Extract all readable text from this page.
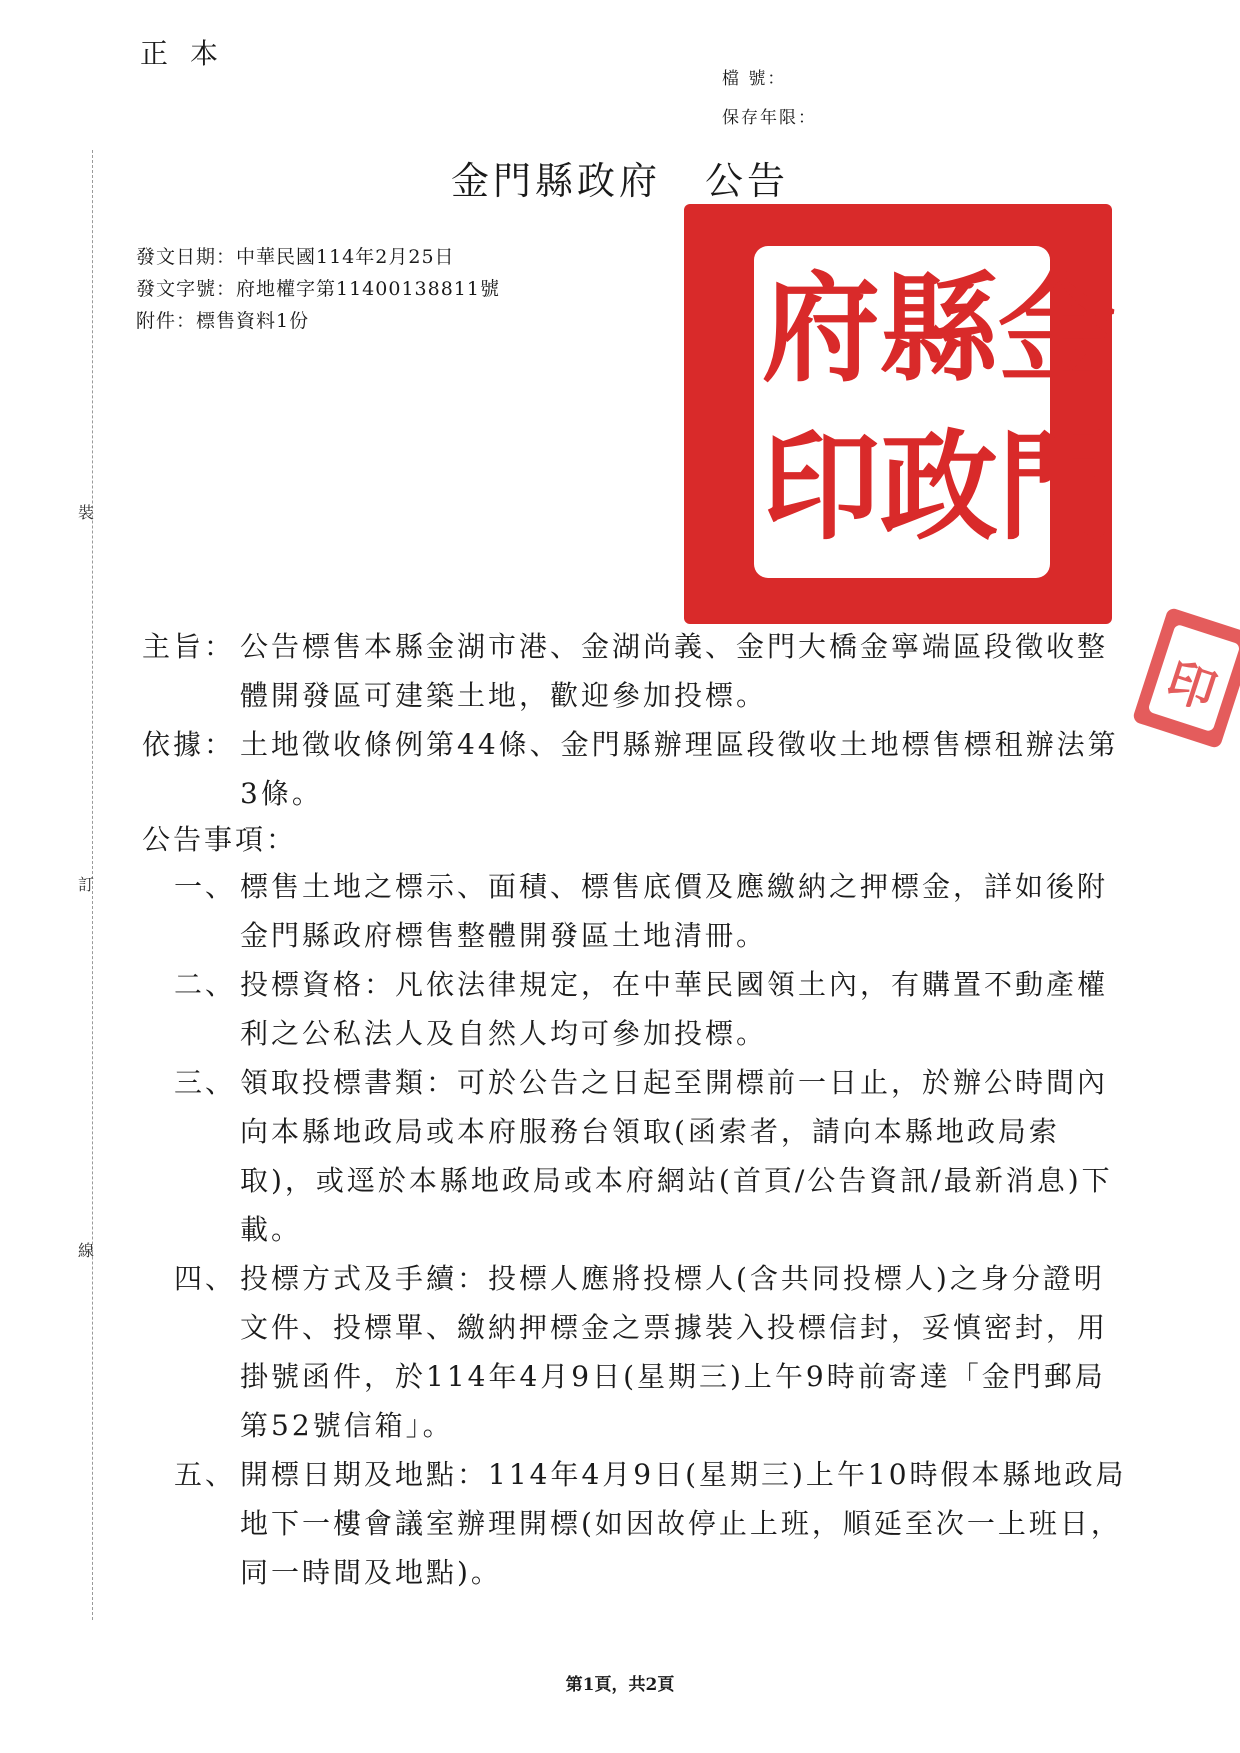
正本
檔 號：
保存年限：
金門縣政府 公告
發文日期：中華民國114年2月25日
發文字號：府地權字第11400138811號
附件：標售資料1份
裝
訂
線
府 縣 金
印 政 門
印
主旨： 公告標售本縣金湖市港、金湖尚義、金門大橋金寧端區段徵收整體開發區可建築土地，歡迎參加投標。
依據： 土地徵收條例第44條、金門縣辦理區段徵收土地標售標租辦法第3條。
公告事項：
一、 標售土地之標示、面積、標售底價及應繳納之押標金，詳如後附金門縣政府標售整體開發區土地清冊。
二、 投標資格：凡依法律規定，在中華民國領土內，有購置不動產權利之公私法人及自然人均可參加投標。
三、 領取投標書類：可於公告之日起至開標前一日止，於辦公時間內向本縣地政局或本府服務台領取(函索者，請向本縣地政局索取)，或逕於本縣地政局或本府網站(首頁/公告資訊/最新消息)下載。
四、 投標方式及手續：投標人應將投標人(含共同投標人)之身分證明文件、投標單、繳納押標金之票據裝入投標信封，妥慎密封，用掛號函件，於114年4月9日(星期三)上午9時前寄達「金門郵局第52號信箱」。
五、 開標日期及地點：114年4月9日(星期三)上午10時假本縣地政局地下一樓會議室辦理開標(如因故停止上班，順延至次一上班日，同一時間及地點)。
第1頁，共2頁
